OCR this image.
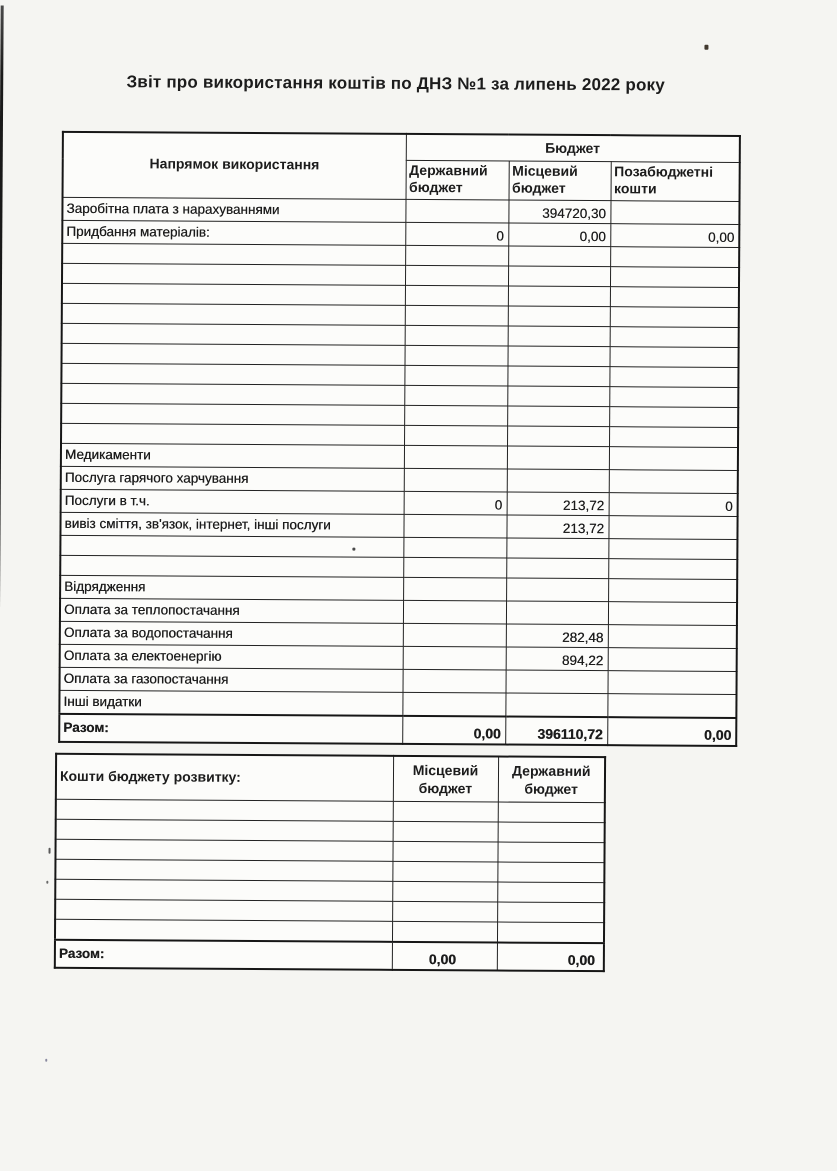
Звіт про використання коштів по ДНЗ №1 за липень 2022 року
Напрямок використання	Бюджет		
	Державний бюджет	Місцевий бюджет	Позабюджетні кошти
Заробітна плата з нарахуваннями		394720,30	
Придбання матеріалів:	0	0,00	0,00

Медикаменти			
Послуга гарячого харчування			
Послуги в т.ч.	0	213,72	0
вивіз сміття, зв'язок, інтернет, інші послуги		213,72	

Відрядження			
Оплата за теплопостачання			
Оплата за водопостачання		282,48	
Оплата за електоенергію		894,22	
Оплата за газопостачання			
Інші видатки			
Разом:	0,00	396110,72	0,00
Кошти бюджету розвитку:	Місцевий бюджет	Державний бюджет

Разом:	0,00	0,00
